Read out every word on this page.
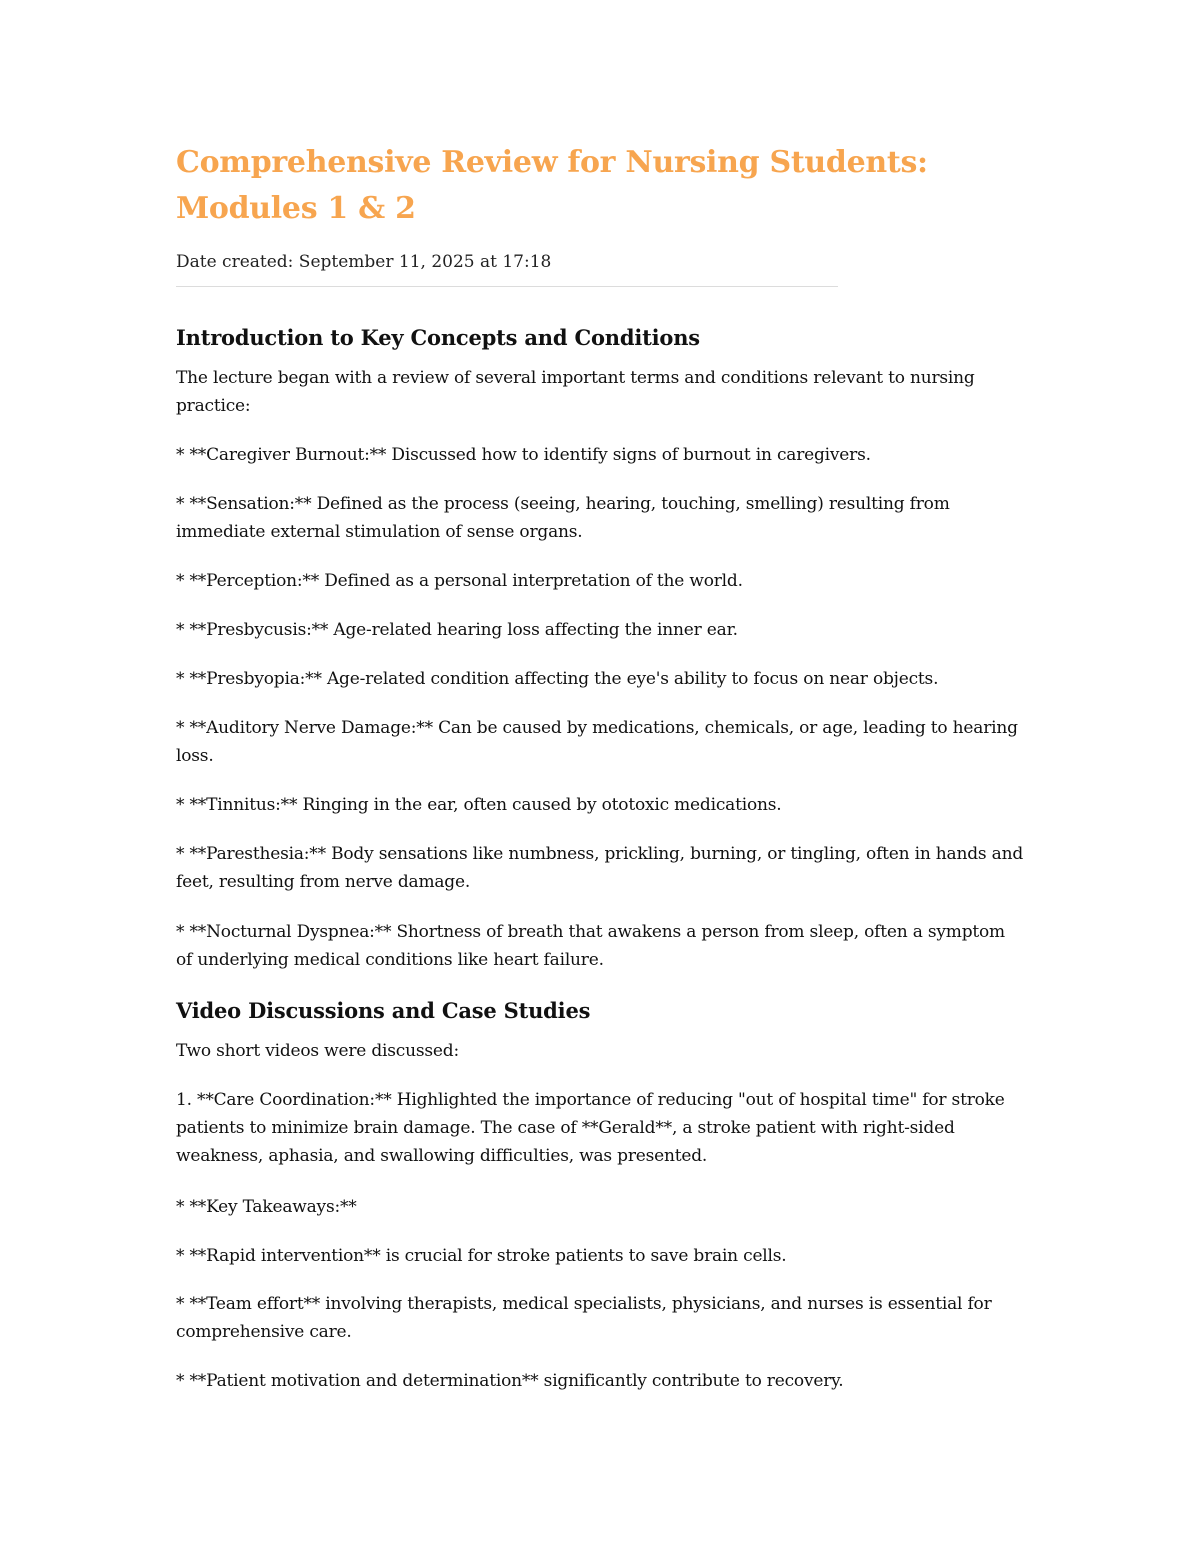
Comprehensive Review for Nursing Students: Modules 1 & 2

Date created: September 11, 2025 at 17:18

Introduction to Key Concepts and Conditions

The lecture began with a review of several important terms and conditions relevant to nursing practice:

* **Caregiver Burnout:** Discussed how to identify signs of burnout in caregivers.

* **Sensation:** Defined as the process (seeing, hearing, touching, smelling) resulting from immediate external stimulation of sense organs.

* **Perception:** Defined as a personal interpretation of the world.

* **Presbycusis:** Age-related hearing loss affecting the inner ear.

* **Presbyopia:** Age-related condition affecting the eye's ability to focus on near objects.

* **Auditory Nerve Damage:** Can be caused by medications, chemicals, or age, leading to hearing loss.

* **Tinnitus:** Ringing in the ear, often caused by ototoxic medications.

* **Paresthesia:** Body sensations like numbness, prickling, burning, or tingling, often in hands and feet, resulting from nerve damage.

* **Nocturnal Dyspnea:** Shortness of breath that awakens a person from sleep, often a symptom of underlying medical conditions like heart failure.

Video Discussions and Case Studies

Two short videos were discussed:

1. **Care Coordination:** Highlighted the importance of reducing "out of hospital time" for stroke patients to minimize brain damage. The case of **Gerald**, a stroke patient with right-sided weakness, aphasia, and swallowing difficulties, was presented.

* **Key Takeaways:**

* **Rapid intervention** is crucial for stroke patients to save brain cells.

* **Team effort** involving therapists, medical specialists, physicians, and nurses is essential for comprehensive care.

* **Patient motivation and determination** significantly contribute to recovery.
